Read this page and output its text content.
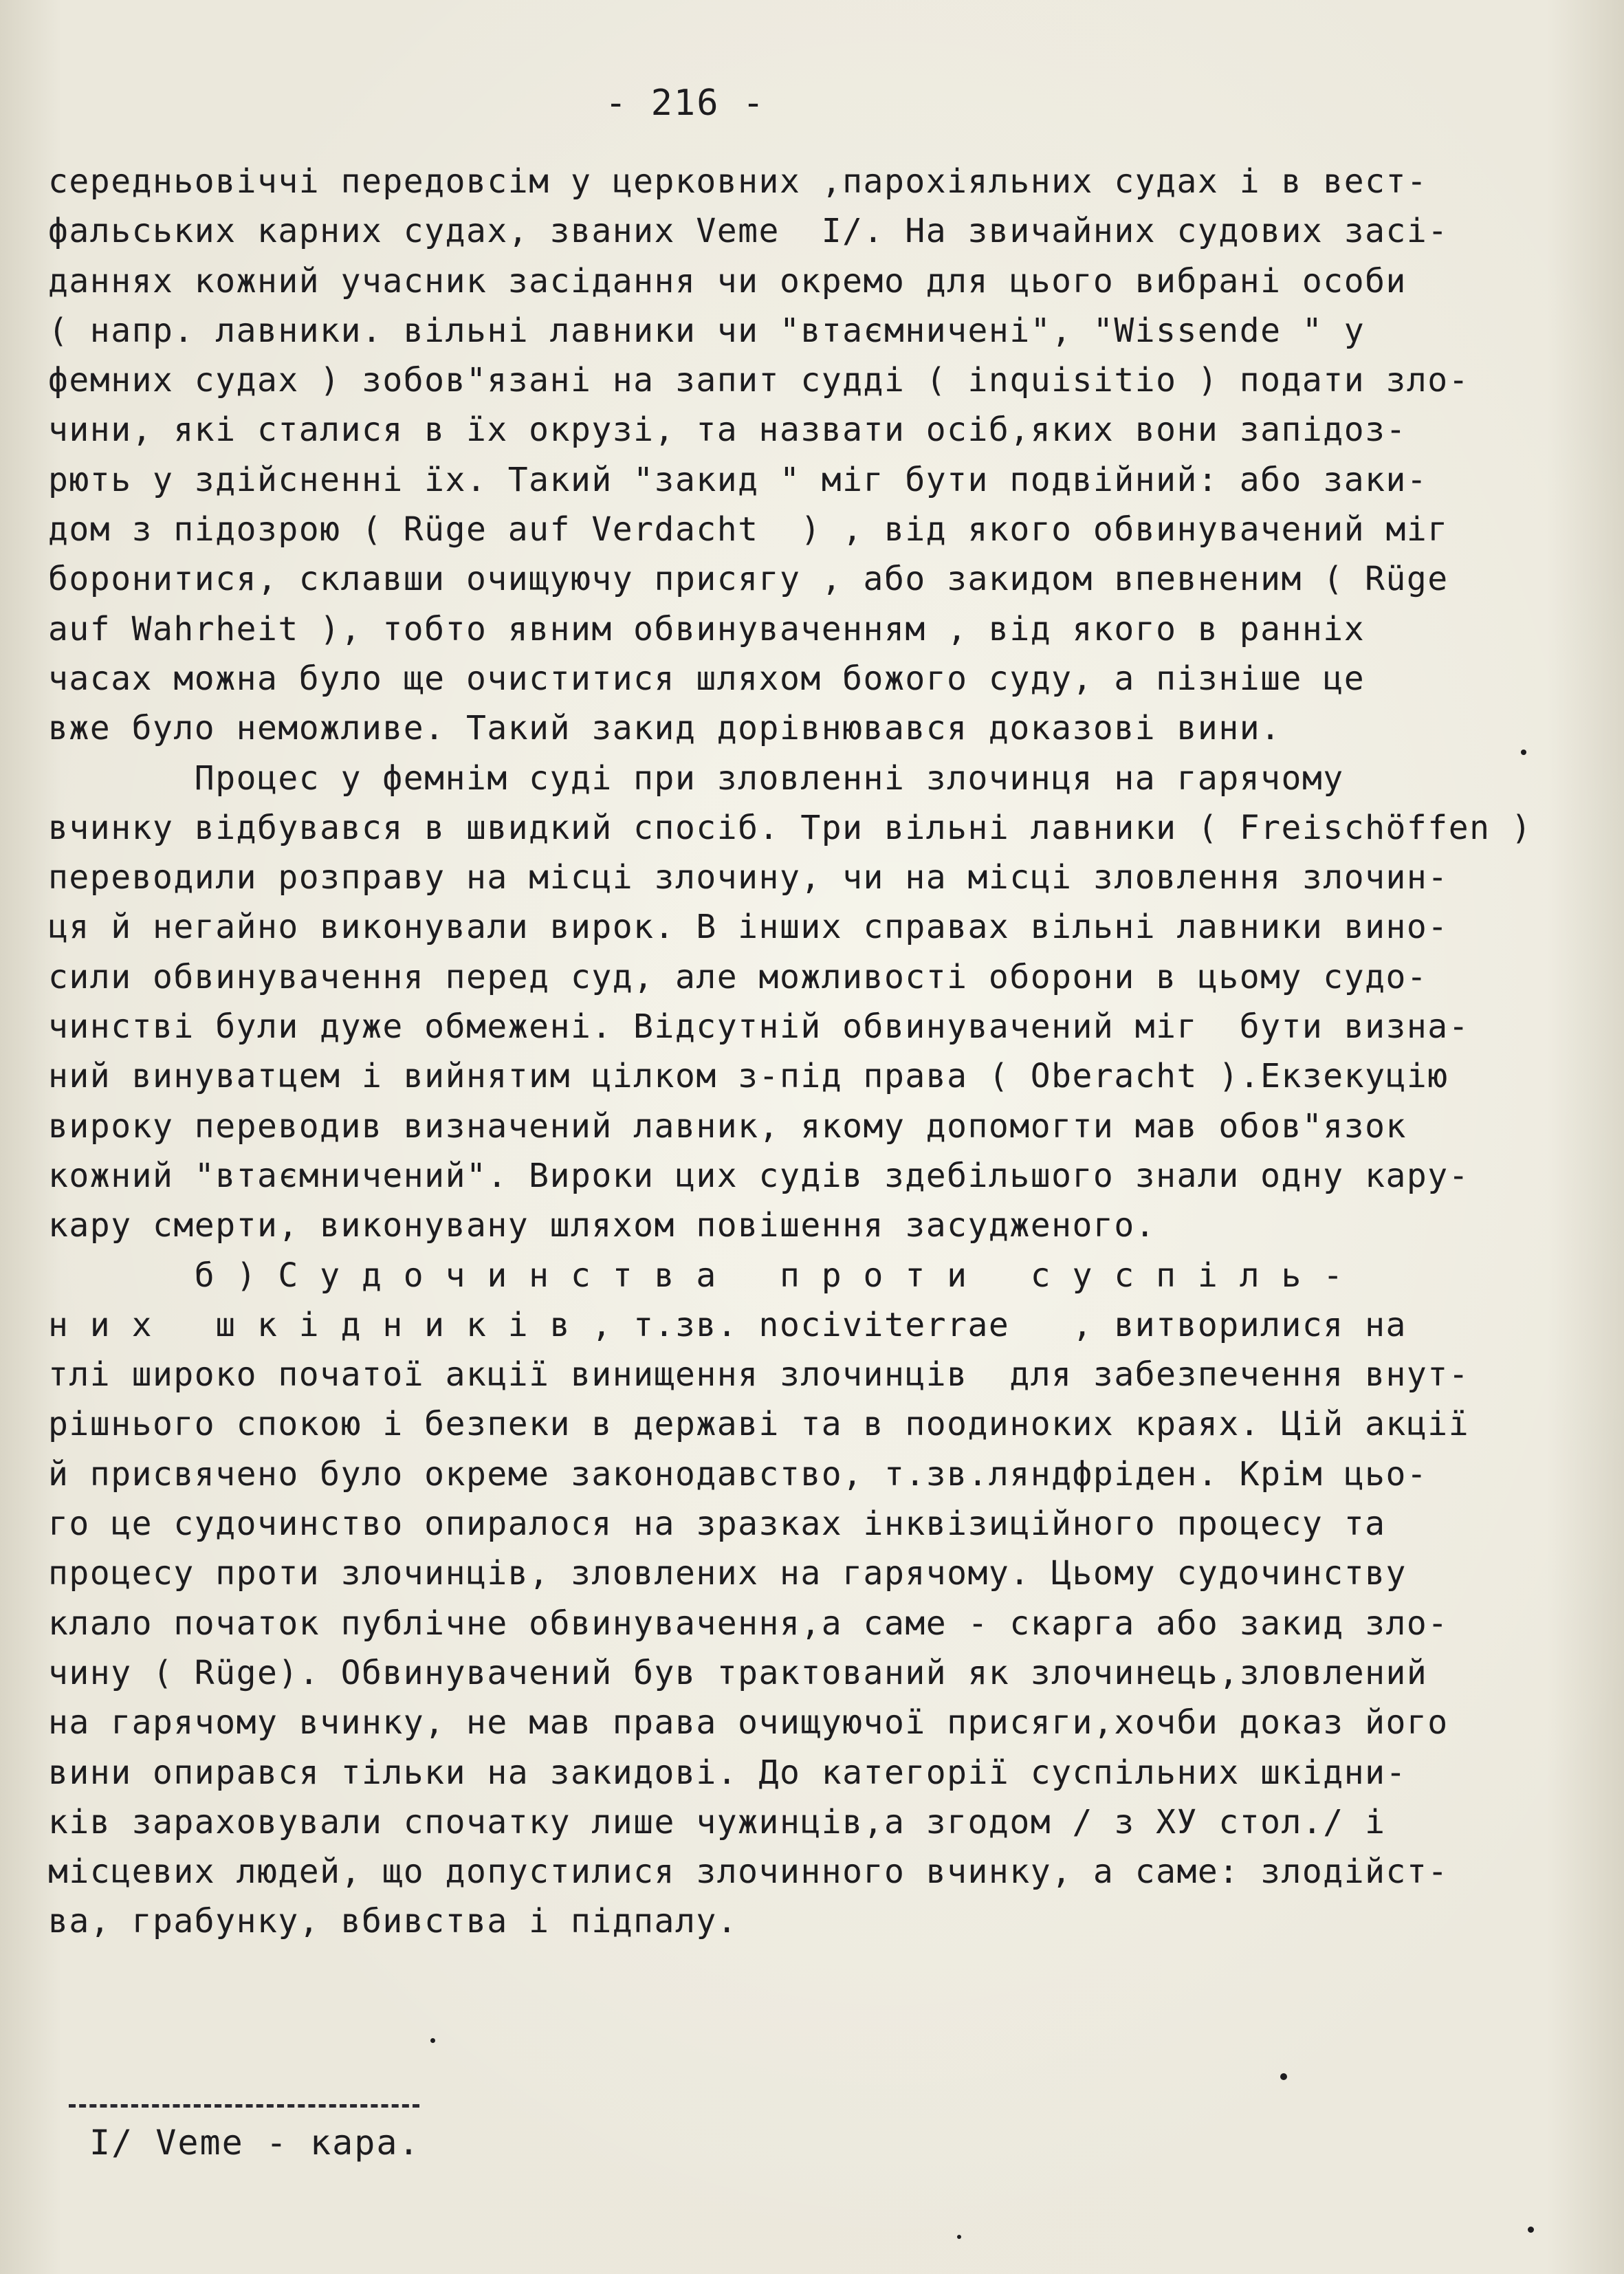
- 216 -
середньовіччі передовсім у церковних ,парохіяльних судах і в вест-
фальських карних судах, званих Veme  I/. На звичайних судових засі-
даннях кожний учасник засідання чи окремо для цього вибрані особи
( напр. лавники. вільні лавники чи "втаємничені", "Wissende " у
фемних судах ) зобов"язані на запит судді ( inquisitio ) подати зло-
чини, які сталися в їх окрузі, та назвати осіб,яких вони запідоз-
рють у здійсненні їх. Такий "закид " міг бути подвійний: або заки-
дом з підозрою ( Rüge auf Verdacht  ) , від якого обвинувачений міг
боронитися, склавши очищуючу присягу , або закидом впевненим ( Rüge
auf Wahrheit ), тобто явним обвинуваченням , від якого в ранніх
часах можна було ще очиститися шляхом божого суду, а пізніше це
вже було неможливе. Такий закид дорівнювався доказові вини.
Процес у фемнім суді при зловленні злочинця на гарячому
вчинку відбувався в швидкий спосіб. Три вільні лавники ( Freischöffen )
переводили розправу на місці злочину, чи на місці зловлення злочин-
ця й негайно виконували вирок. В інших справах вільні лавники вино-
сили обвинувачення перед суд, але можливості оборони в цьому судо-
чинстві були дуже обмежені. Відсутній обвинувачений міг  бути визна-
ний винуватцем і вийнятим цілком з-під права ( Oberacht ).Екзекуцію
вироку переводив визначений лавник, якому допомогти мав обов"язок
кожний "втаємничений". Вироки цих судів здебільшого знали одну кару-
кару смерти, виконувану шляхом повішення засудженого.
б ) С у д о ч и н с т в а   п р о т и   с у с п і л ь -
н и х   ш к і д н и к і в , т.зв. nociviterrae   , витворилися на
тлі широко початої акції винищення злочинців  для забезпечення внут-
рішнього спокою і безпеки в державі та в поодиноких краях. Цій акції
й присвячено було окреме законодавство, т.зв.ляндфріден. Крім цьо-
го це судочинство опиралося на зразках інквізиційного процесу та
процесу проти злочинців, зловлених на гарячому. Цьому судочинству
клало початок публічне обвинувачення,а саме - скарга або закид зло-
чину ( Rüge). Обвинувачений був трактований як злочинець,зловлений
на гарячому вчинку, не мав права очищуючої присяги,хочби доказ його
вини опирався тільки на закидові. До категорії суспільних шкідни-
ків зараховували спочатку лише чужинців,а згодом / з XУ стол./ і
місцевих людей, що допустилися злочинного вчинку, а саме: злодійст-
ва, грабунку, вбивства і підпалу.
I/ Veme - кара.
